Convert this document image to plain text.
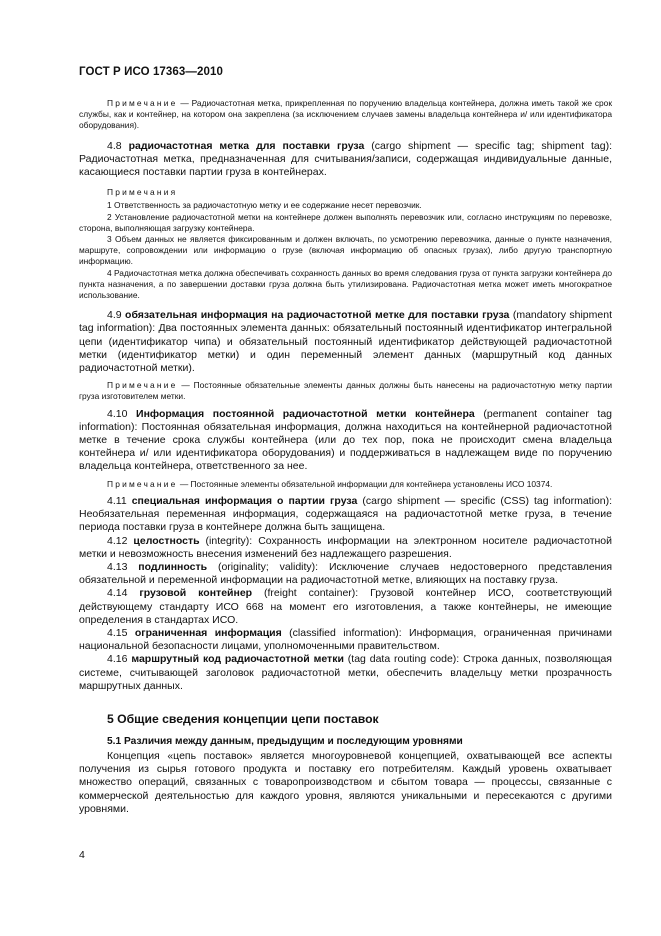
ГОСТ Р ИСО 17363—2010

Примечание — Радиочастотная метка, прикрепленная по поручению владельца контейнера, должна иметь такой же срок службы, как и контейнер, на котором она закреплена (за исключением случаев замены владельца контейнера и/ или идентификатора оборудования).

4.8 радиочастотная метка для поставки груза (cargo shipment — specific tag; shipment tag): Радиочастотная метка, предназначенная для считывания/записи, содержащая индивидуальные данные, касающиеся поставки партии груза в контейнерах.

Примечания

1 Ответственность за радиочастотную метку и ее содержание несет перевозчик.

2 Установление радиочастотной метки на контейнере должен выполнять перевозчик или, согласно инструкциям по перевозке, сторона, выполняющая загрузку контейнера.

3 Объем данных не является фиксированным и должен включать, по усмотрению перевозчика, данные о пункте назначения, маршруте, сопровождении или информацию о грузе (включая информацию об опасных грузах), либо другую транспортную информацию.

4 Радиочастотная метка должна обеспечивать сохранность данных во время следования груза от пункта загрузки контейнера до пункта назначения, а по завершении доставки груза должна быть утилизирована. Радиочастотная метка может иметь многократное использование.

4.9 обязательная информация на радиочастотной метке для поставки груза (mandatory shipment tag information): Два постоянных элемента данных: обязательный постоянный идентификатор интегральной цепи (идентификатор чипа) и обязательный постоянный идентификатор действующей радиочастотной метки (идентификатор метки) и один переменный элемент данных (маршрутный код данных радиочастотной метки).

Примечание — Постоянные обязательные элементы данных должны быть нанесены на радиочастотную метку партии груза изготовителем метки.

4.10 Информация постоянной радиочастотной метки контейнера (permanent container tag information): Постоянная обязательная информация, должна находиться на контейнерной радиочастотной метке в течение срока службы контейнера (или до тех пор, пока не происходит смена владельца контейнера и/ или идентификатора оборудования) и поддерживаться в надлежащем виде по поручению владельца контейнера, ответственного за нее.

Примечание — Постоянные элементы обязательной информации для контейнера установлены ИСО 10374.

4.11 специальная информация о партии груза (cargo shipment — specific (CSS) tag information): Необязательная переменная информация, содержащаяся на радиочастотной метке груза, в течение периода поставки груза в контейнере должна быть защищена.

4.12 целостность (integrity): Сохранность информации на электронном носителе радиочастотной метки и невозможность внесения изменений без надлежащего разрешения.

4.13 подлинность (originality; validity): Исключение случаев недостоверного представления обязательной и переменной информации на радиочастотной метке, влияющих на поставку груза.

4.14 грузовой контейнер (freight container): Грузовой контейнер ИСО, соответствующий действующему стандарту ИСО 668 на момент его изготовления, а также контейнеры, не имеющие определения в стандартах ИСО.

4.15 ограниченная информация (classified information): Информация, ограниченная причинами национальной безопасности лицами, уполномоченными правительством.

4.16 маршрутный код радиочастотной метки (tag data routing code): Строка данных, позволяющая системе, считывающей заголовок радиочастотной метки, обеспечить владельцу метки прозрачность маршрутных данных.

5 Общие сведения концепции цепи поставок

5.1 Различия между данным, предыдущим и последующим уровнями

Концепция «цепь поставок» является многоуровневой концепцией, охватывающей все аспекты получения из сырья готового продукта и поставку его потребителям. Каждый уровень охватывает множество операций, связанных с товаропроизводством и сбытом товара — процессы, связанные с коммерческой деятельностью для каждого уровня, являются уникальными и пересекаются с другими уровнями.

4
